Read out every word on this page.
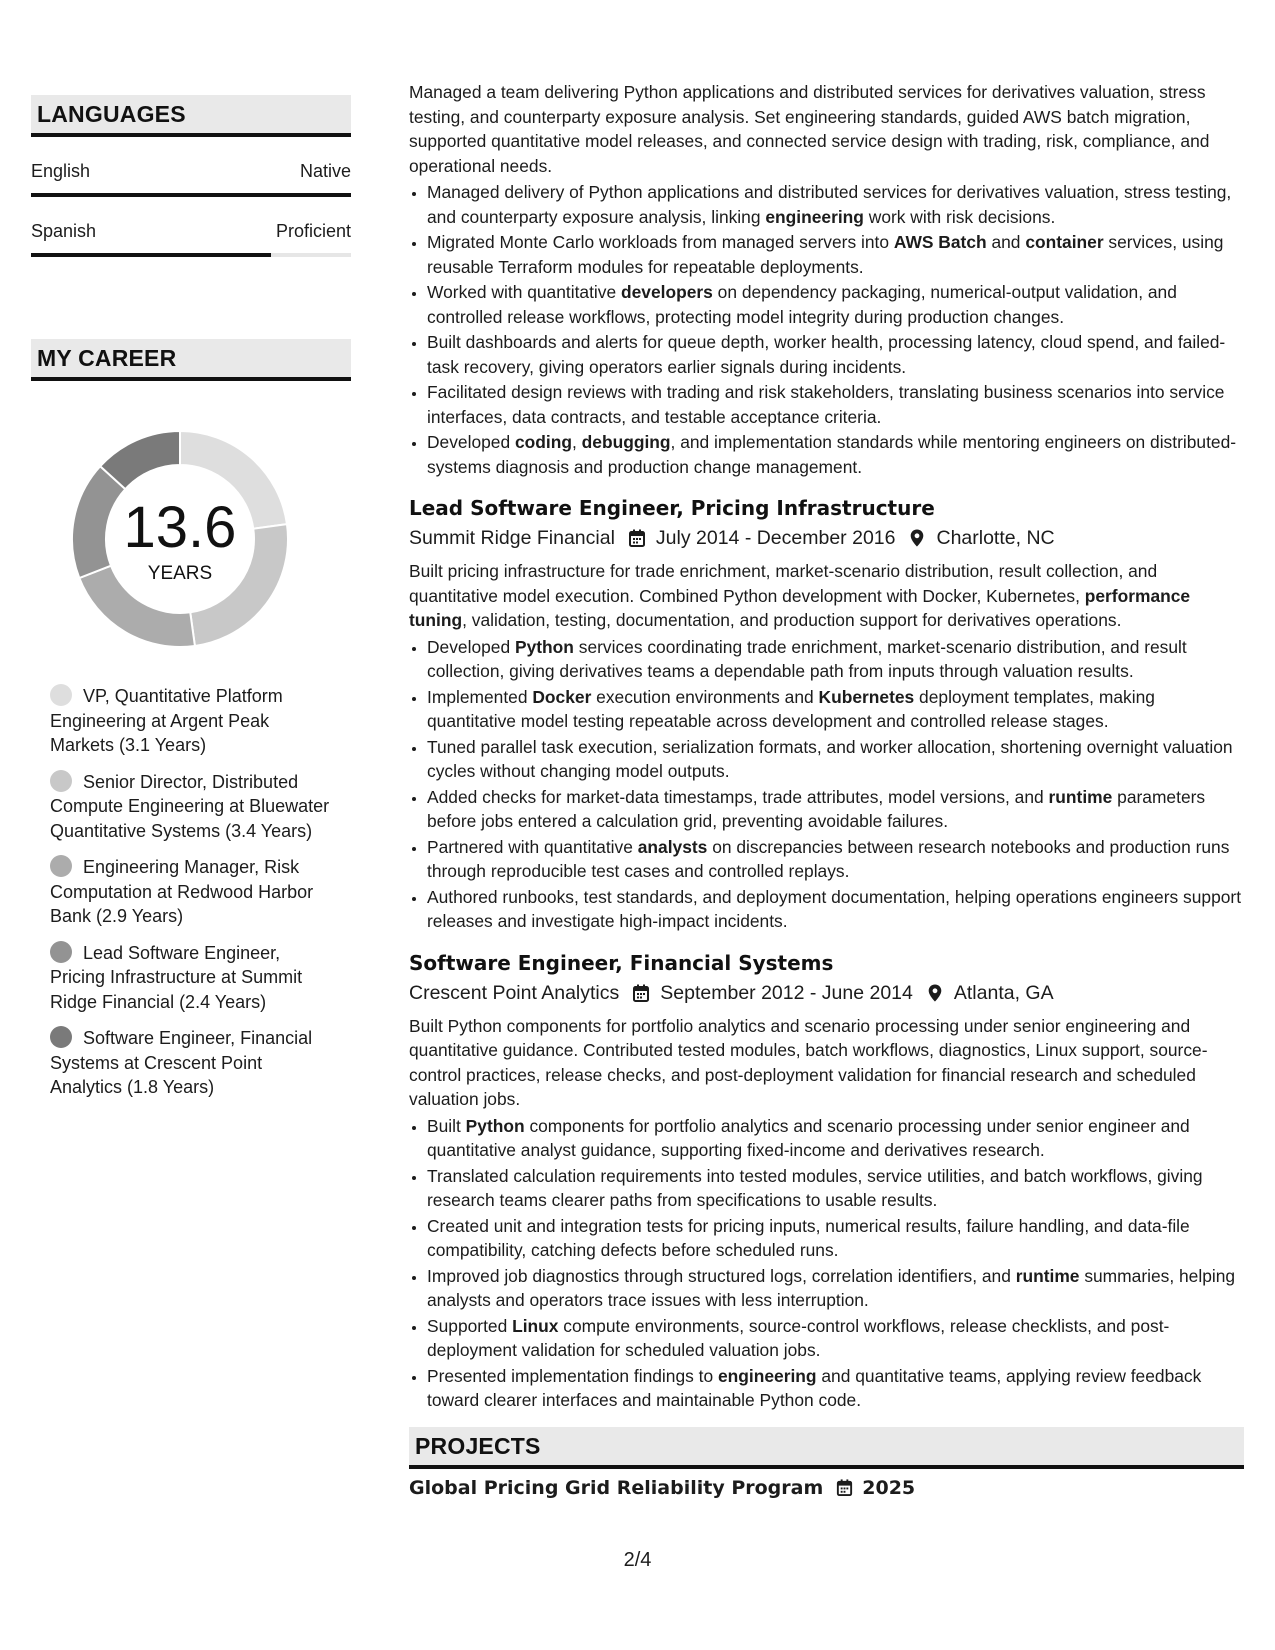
LANGUAGES
English	Native
Spanish	Proficient
MY CAREER
13.6
YEARS
VP, Quantitative Platform Engineering at Argent Peak Markets (3.1 Years)
Senior Director, Distributed Compute Engineering at Bluewater Quantitative Systems (3.4 Years)
Engineering Manager, Risk Computation at Redwood Harbor Bank (2.9 Years)
Lead Software Engineer, Pricing Infrastructure at Summit Ridge Financial (2.4 Years)
Software Engineer, Financial Systems at Crescent Point Analytics (1.8 Years)

Managed a team delivering Python applications and distributed services for derivatives valuation, stress testing, and counterparty exposure analysis. Set engineering standards, guided AWS batch migration, supported quantitative model releases, and connected service design with trading, risk, compliance, and operational needs.

• Managed delivery of Python applications and distributed services for derivatives valuation, stress testing, and counterparty exposure analysis, linking engineering work with risk decisions.
• Migrated Monte Carlo workloads from managed servers into AWS Batch and container services, using reusable Terraform modules for repeatable deployments.
• Worked with quantitative developers on dependency packaging, numerical-output validation, and controlled release workflows, protecting model integrity during production changes.
• Built dashboards and alerts for queue depth, worker health, processing latency, cloud spend, and failed-task recovery, giving operators earlier signals during incidents.
• Facilitated design reviews with trading and risk stakeholders, translating business scenarios into service interfaces, data contracts, and testable acceptance criteria.
• Developed coding, debugging, and implementation standards while mentoring engineers on distributed-systems diagnosis and production change management.
Lead Software Engineer, Pricing Infrastructure
Summit Ridge Financial July 2014 - December 2016 Charlotte, NC

Built pricing infrastructure for trade enrichment, market-scenario distribution, result collection, and quantitative model execution. Combined Python development with Docker, Kubernetes, performance tuning, validation, testing, documentation, and production support for derivatives operations.

• Developed Python services coordinating trade enrichment, market-scenario distribution, and result collection, giving derivatives teams a dependable path from inputs through valuation results.
• Implemented Docker execution environments and Kubernetes deployment templates, making quantitative model testing repeatable across development and controlled release stages.
• Tuned parallel task execution, serialization formats, and worker allocation, shortening overnight valuation cycles without changing model outputs.
• Added checks for market-data timestamps, trade attributes, model versions, and runtime parameters before jobs entered a calculation grid, preventing avoidable failures.
• Partnered with quantitative analysts on discrepancies between research notebooks and production runs through reproducible test cases and controlled replays.
• Authored runbooks, test standards, and deployment documentation, helping operations engineers support releases and investigate high-impact incidents.
Software Engineer, Financial Systems
Crescent Point Analytics September 2012 - June 2014 Atlanta, GA

Built Python components for portfolio analytics and scenario processing under senior engineering and quantitative guidance. Contributed tested modules, batch workflows, diagnostics, Linux support, source-control practices, release checks, and post-deployment validation for financial research and scheduled valuation jobs.

• Built Python components for portfolio analytics and scenario processing under senior engineer and quantitative analyst guidance, supporting fixed-income and derivatives research.
• Translated calculation requirements into tested modules, service utilities, and batch workflows, giving research teams clearer paths from specifications to usable results.
• Created unit and integration tests for pricing inputs, numerical results, failure handling, and data-file compatibility, catching defects before scheduled runs.
• Improved job diagnostics through structured logs, correlation identifiers, and runtime summaries, helping analysts and operators trace issues with less interruption.
• Supported Linux compute environments, source-control workflows, release checklists, and post-deployment validation for scheduled valuation jobs.
• Presented implementation findings to engineering and quantitative teams, applying review feedback toward clearer interfaces and maintainable Python code.
PROJECTS
Global Pricing Grid Reliability Program 2025
2/4
